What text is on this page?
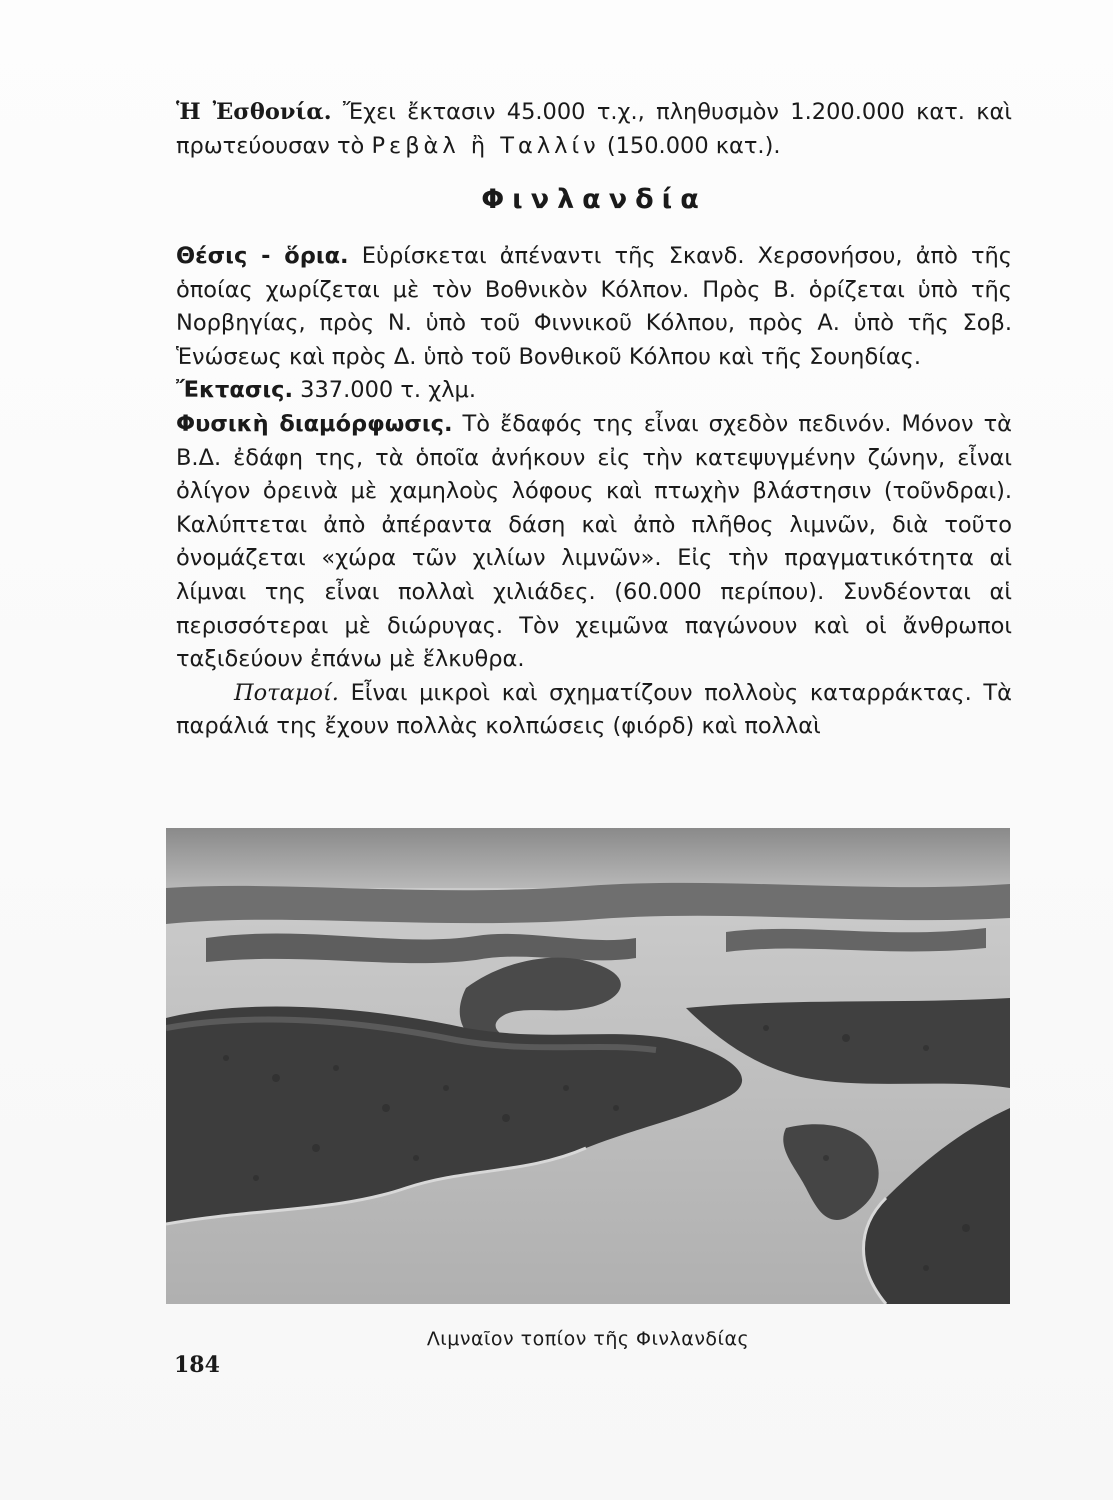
Ἡ Ἐσθονία. Ἔχει ἔκτασιν 45.000 τ.χ., πληθυσμὸν 1.200.000 κατ. καὶ πρωτεύουσαν τὸ Ρεβὰλ ἢ Ταλλίν (150.000 κατ.).

Φινλανδία

Θέσις - ὅρια. Εὑρίσκεται ἀπέναντι τῆς Σκανδ. Χερσονήσου, ἀπὸ τῆς ὁποίας χωρίζεται μὲ τὸν Βοθνικὸν Κόλπον. Πρὸς Β. ὁρίζεται ὑπὸ τῆς Νορβηγίας, πρὸς Ν. ὑπὸ τοῦ Φιννικοῦ Κόλπου, πρὸς Α. ὑπὸ τῆς Σοβ. Ἑνώσεως καὶ πρὸς Δ. ὑπὸ τοῦ Βονθικοῦ Κόλπου καὶ τῆς Σουηδίας.

Ἔκτασις. 337.000 τ. χλμ.

Φυσικὴ διαμόρφωσις. Τὸ ἔδαφός της εἶναι σχεδὸν πεδινόν. Μόνον τὰ Β.Δ. ἐδάφη της, τὰ ὁποῖα ἀνήκουν εἰς τὴν κατεψυγμένην ζώνην, εἶναι ὀλίγον ὀρεινὰ μὲ χαμηλοὺς λόφους καὶ πτωχὴν βλάστησιν (τοῦνδραι). Καλύπτεται ἀπὸ ἀπέραντα δάση καὶ ἀπὸ πλῆθος λιμνῶν, διὰ τοῦτο ὀνομάζεται «χώρα τῶν χιλίων λιμνῶν». Εἰς τὴν πραγματικότητα αἱ λίμναι της εἶναι πολλαὶ χιλιάδες. (60.000 περίπου). Συνδέονται αἱ περισσότεραι μὲ διώρυγας. Τὸν χειμῶνα παγώνουν καὶ οἱ ἄνθρωποι ταξιδεύουν ἐπάνω μὲ ἕλκυθρα.

Ποταμοί. Εἶναι μικροὶ καὶ σχηματίζουν πολλοὺς καταρράκτας. Τὰ παράλιά της ἔχουν πολλὰς κολπώσεις (φιόρδ) καὶ πολλαὶ

Λιμναῖον τοπίον τῆς Φινλανδίας
184
